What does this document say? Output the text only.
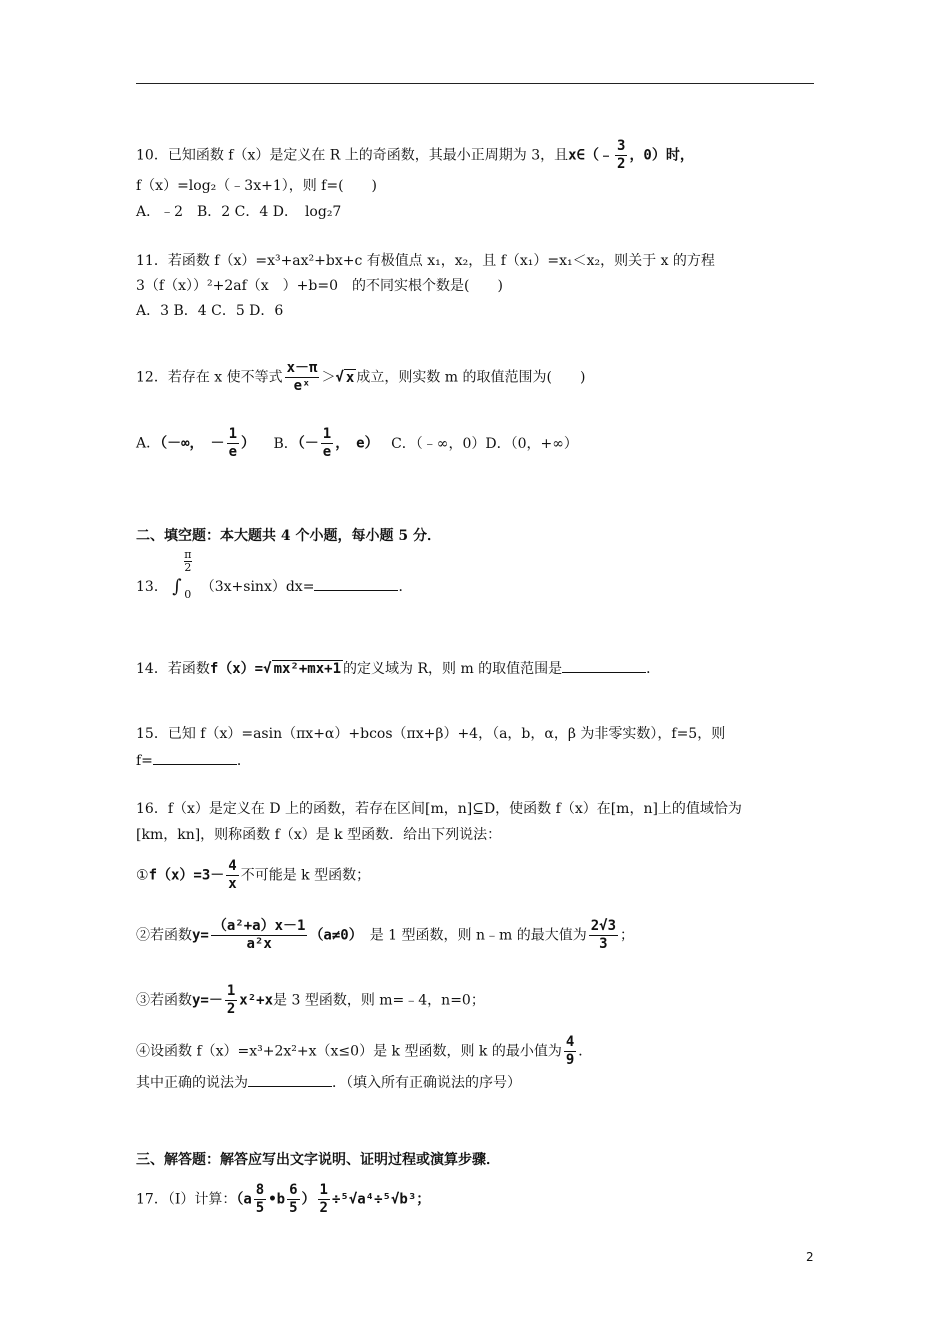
10．已知函数 f（x）是定义在 R 上的奇函数，其最小正周期为 3，且x∈（﹣ $\frac{3}{2}$ ，0）时，
f（x）=log₂（﹣3x+1），则 f=(　　)
A．﹣2　B．2 C．4 D．　log₂7
11．若函数 f（x）=x³+ax²+bx+c 有极值点 x₁，x₂，且 f（x₁）=x₁＜x₂，则关于 x 的方程
3（f（x））²+2af（x　）+b=0　的不同实根个数是(　　)
A．3 B．4 C．5 D．6
12．若存在 x 使不等式 $\frac{x-\pi}{\text{eˣ}}$ ＞√ x 成立，则实数 m 的取值范围为(　　)
A．（－∞，　－ $\frac{1}{e}$ ） B．（－ $\frac{1}{e}$ ，　e） C．（﹣∞，0）D．（0，+∞）
二、填空题：本大题共 4 个小题，每小题 5 分．
13． ∫
$\frac{\pi}{2}$
0 （3x+sinx）dx=	．
14．若函数f（x）=√ mx²+mx+1 的定义域为 R，则 m 的取值范围是	．
15．已知 f（x）=asin（πx+α）+bcos（πx+β）+4，（a，b，α，β 为非零实数），f=5，则
f=	．
16．f（x）是定义在 D 上的函数，若存在区间[m，n]⊆D，使函数 f（x）在[m，n]上的值域恰为
[km，kn]，则称函数 f（x）是 k 型函数．给出下列说法：
①f（x）=3－ $\frac{4}{x}$ 不可能是 k 型函数；
②若函数$y= \frac{\text{（a²+a）x－1}}{\text{a²x}} (a\ne 0)$　是 1 型函数，则 n﹣m 的最大值为 $\frac{2√3}{3}$ ；
③若函数$y=- \frac{1}{2} x^2+x$是 3 型函数，则 m=﹣4，n=0；
④设函数 f（x）=x³+2x²+x（x≤0）是 k 型函数，则 k 的最小值为 $\frac{4}{9}$ ．
其中正确的说法为	．（填入所有正确说法的序号）
三、解答题：解答应写出文字说明、证明过程或演算步骤．
17．（Ⅰ）计算：（$a \frac{8}{5}$ •b $\frac{6}{5}$ ） $\frac{1}{2} \div^5√a^4\div^5√b^3$；
2
